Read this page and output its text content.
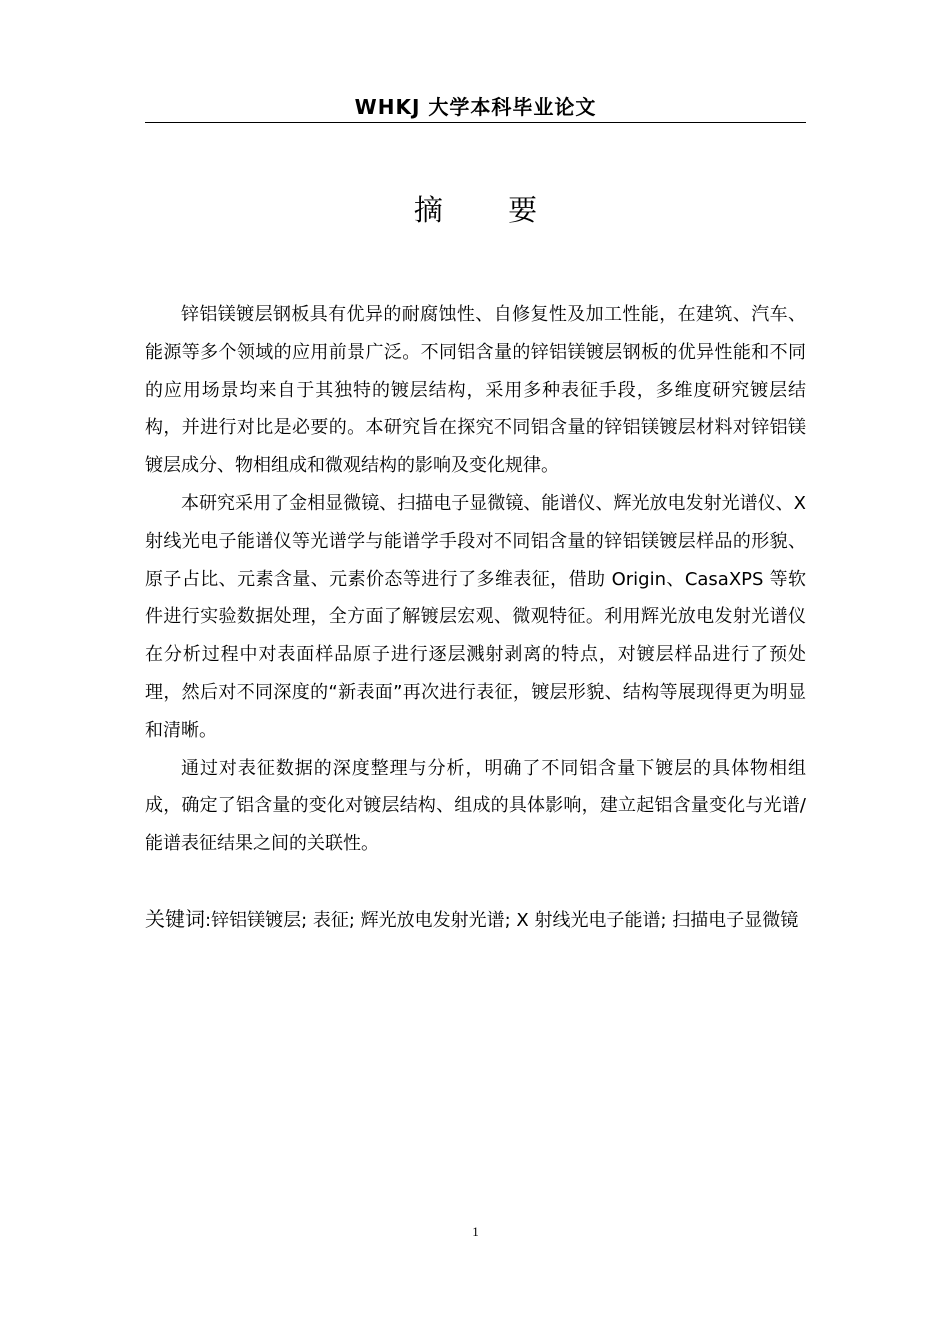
WHKJ 大学本科毕业论文
摘 要

锌铝镁镀层钢板具有优异的耐腐蚀性、自修复性及加工性能，在建筑、汽车、能源等多个领域的应用前景广泛。不同铝含量的锌铝镁镀层钢板的优异性能和不同的应用场景均来自于其独特的镀层结构，采用多种表征手段，多维度研究镀层结构，并进行对比是必要的。本研究旨在探究不同铝含量的锌铝镁镀层材料对锌铝镁镀层成分、物相组成和微观结构的影响及变化规律。

本研究采用了金相显微镜、扫描电子显微镜、能谱仪、辉光放电发射光谱仪、X 射线光电子能谱仪等光谱学与能谱学手段对不同铝含量的锌铝镁镀层样品的形貌、原子占比、元素含量、元素价态等进行了多维表征，借助 Origin、CasaXPS 等软件进行实验数据处理，全方面了解镀层宏观、微观特征。利用辉光放电发射光谱仪在分析过程中对表面样品原子进行逐层溅射剥离的特点，对镀层样品进行了预处理，然后对不同深度的“新表面”再次进行表征，镀层形貌、结构等展现得更为明显和清晰。

通过对表征数据的深度整理与分析，明确了不同铝含量下镀层的具体物相组成，确定了铝含量的变化对镀层结构、组成的具体影响，建立起铝含量变化与光谱/能谱表征结果之间的关联性。

关键词:锌铝镁镀层; 表征; 辉光放电发射光谱; X 射线光电子能谱; 扫描电子显微镜
1
